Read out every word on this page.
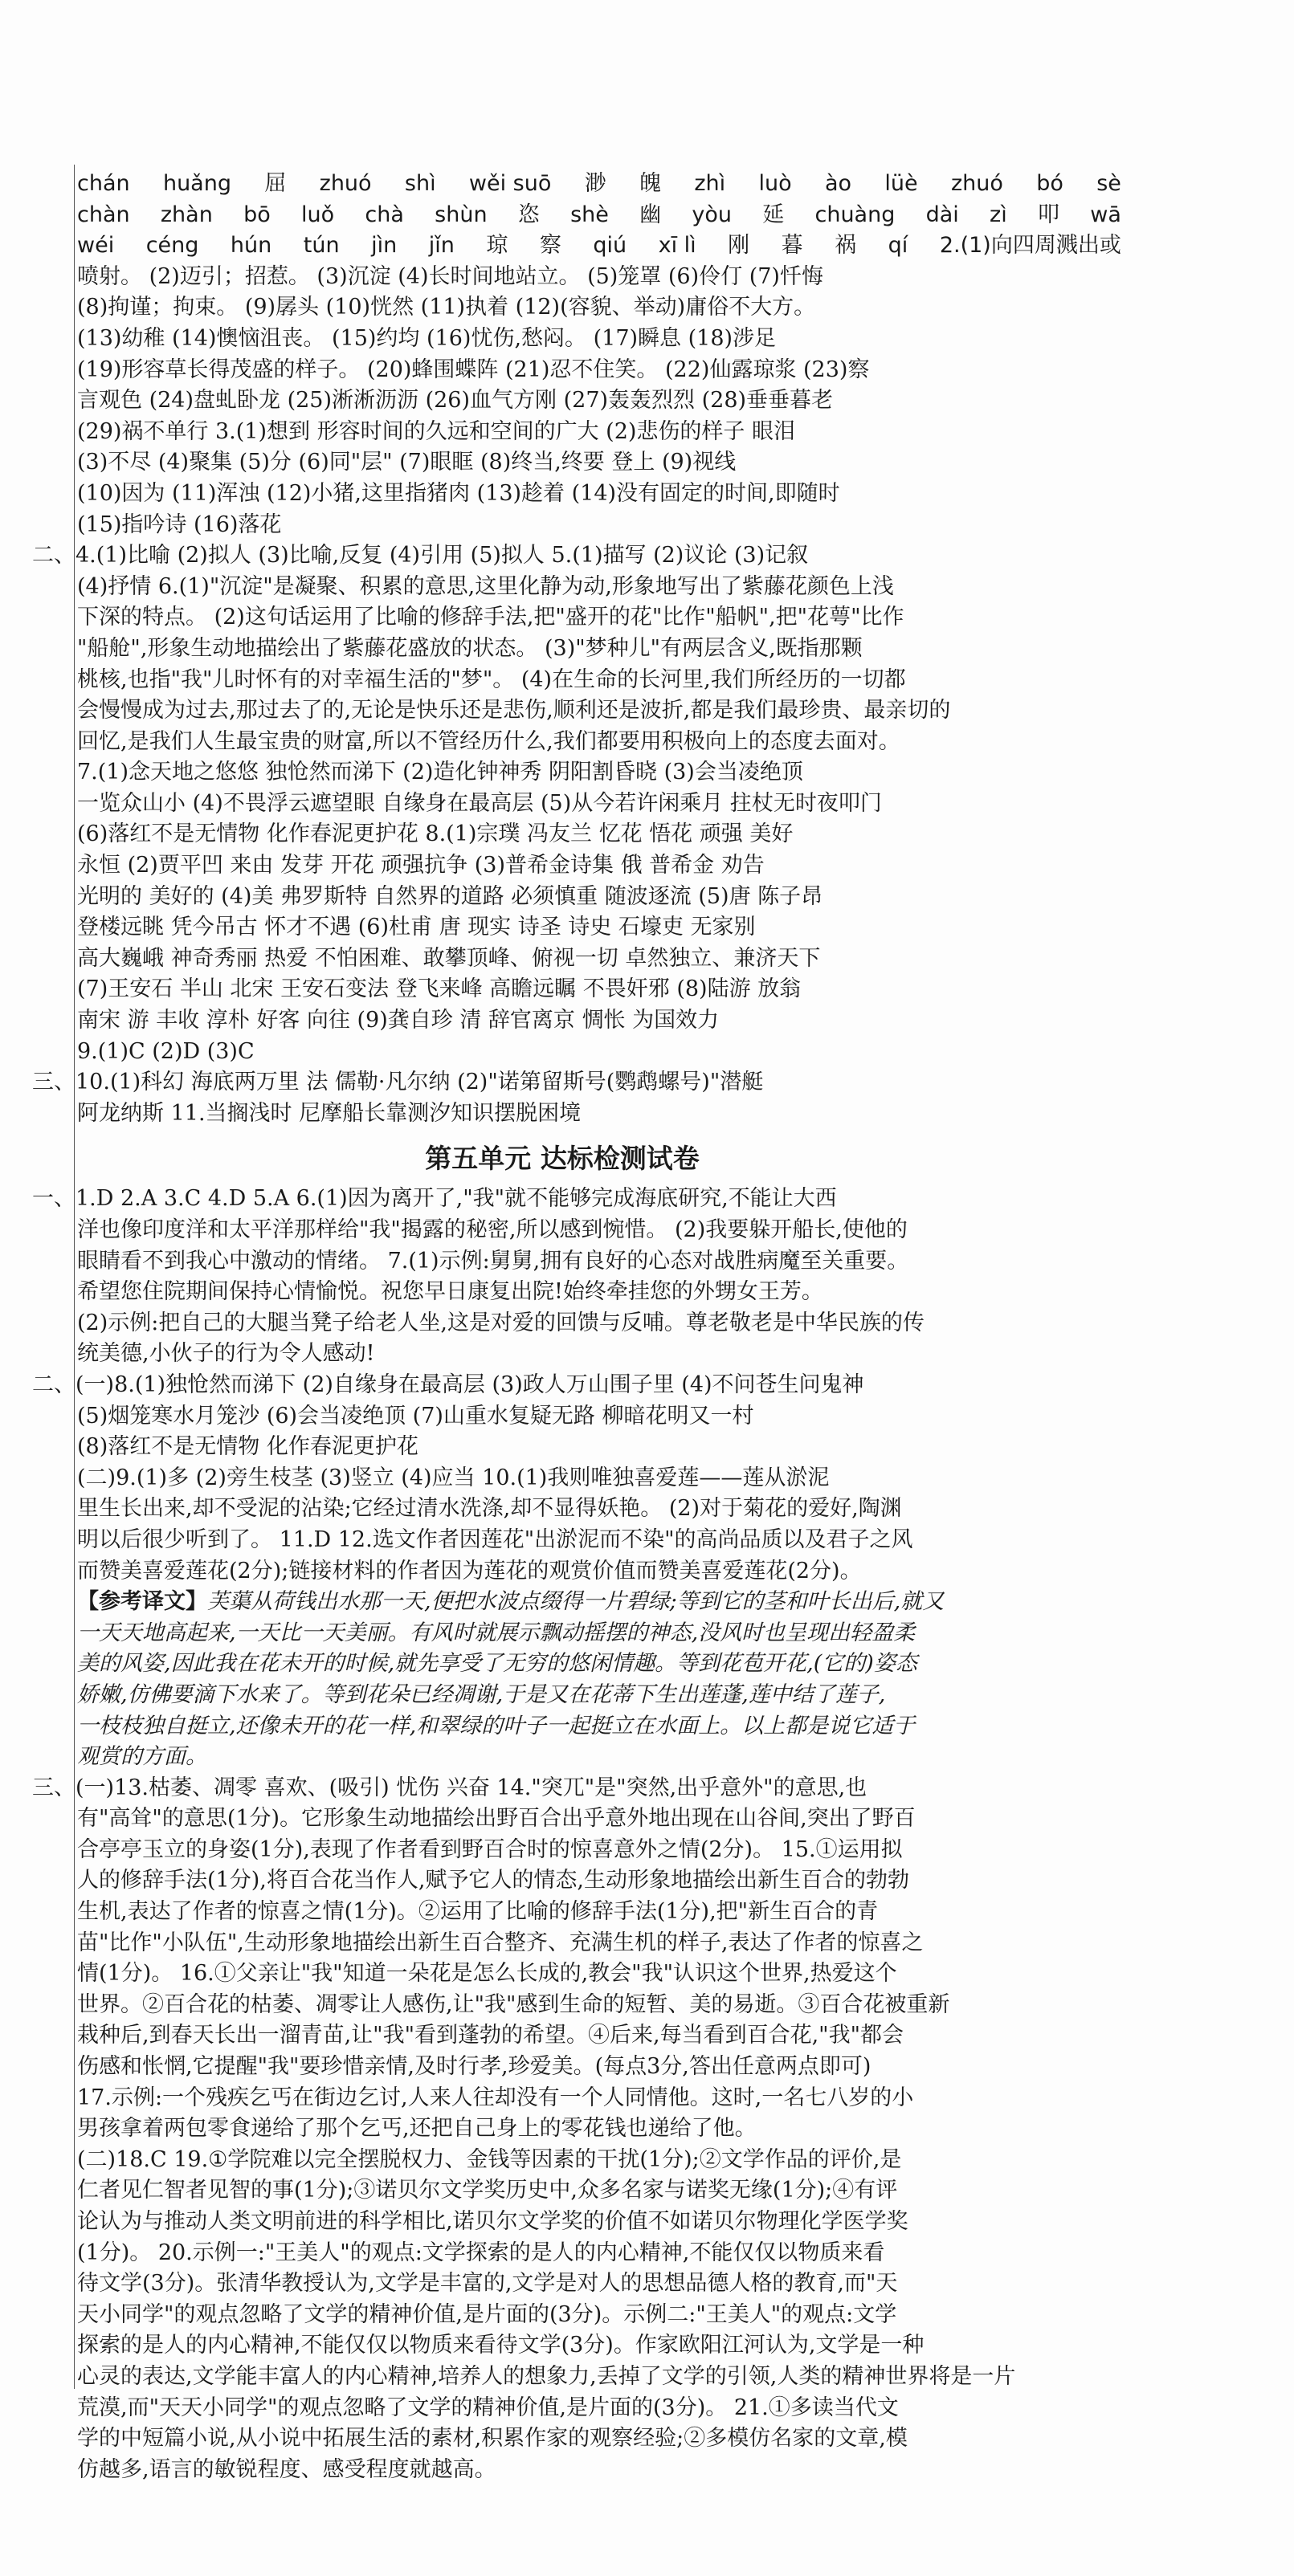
chán huǎng 屈 zhuó shì wěi suō 渺 魄 zhì luò ào lüè zhuó bó sè
chàn zhàn bō luǒ chà shùn 恣 shè 幽 yòu 延 chuàng dài zì 叩 wā
wéi céng hún tún jìn jǐn 琼 察 qiú xī lì 刚 暮 祸 qí 2.(1)向四周溅出或
喷射。 (2)迈引；招惹。 (3)沉淀 (4)长时间地站立。 (5)笼罩 (6)伶仃 (7)忏悔
(8)拘谨；拘束。 (9)孱头 (10)恍然 (11)执着 (12)(容貌、举动)庸俗不大方。
(13)幼稚 (14)懊恼沮丧。 (15)约均 (16)忧伤,愁闷。 (17)瞬息 (18)涉足
(19)形容草长得茂盛的样子。 (20)蜂围蝶阵 (21)忍不住笑。 (22)仙露琼浆 (23)察
言观色 (24)盘虬卧龙 (25)淅淅沥沥 (26)血气方刚 (27)轰轰烈烈 (28)垂垂暮老
(29)祸不单行 3.(1)想到 形容时间的久远和空间的广大 (2)悲伤的样子 眼泪
(3)不尽 (4)聚集 (5)分 (6)同"层" (7)眼眶 (8)终当,终要 登上 (9)视线
(10)因为 (11)浑浊 (12)小猪,这里指猪肉 (13)趁着 (14)没有固定的时间,即随时
(15)指吟诗 (16)落花
二、4.(1)比喻 (2)拟人 (3)比喻,反复 (4)引用 (5)拟人 5.(1)描写 (2)议论 (3)记叙
(4)抒情 6.(1)"沉淀"是凝聚、积累的意思,这里化静为动,形象地写出了紫藤花颜色上浅
下深的特点。 (2)这句话运用了比喻的修辞手法,把"盛开的花"比作"船帆",把"花萼"比作
"船舱",形象生动地描绘出了紫藤花盛放的状态。 (3)"梦种儿"有两层含义,既指那颗
桃核,也指"我"儿时怀有的对幸福生活的"梦"。 (4)在生命的长河里,我们所经历的一切都
会慢慢成为过去,那过去了的,无论是快乐还是悲伤,顺利还是波折,都是我们最珍贵、最亲切的
回忆,是我们人生最宝贵的财富,所以不管经历什么,我们都要用积极向上的态度去面对。
7.(1)念天地之悠悠 独怆然而涕下 (2)造化钟神秀 阴阳割昏晓 (3)会当凌绝顶
一览众山小 (4)不畏浮云遮望眼 自缘身在最高层 (5)从今若许闲乘月 拄杖无时夜叩门
(6)落红不是无情物 化作春泥更护花 8.(1)宗璞 冯友兰 忆花 悟花 顽强 美好
永恒 (2)贾平凹 来由 发芽 开花 顽强抗争 (3)普希金诗集 俄 普希金 劝告
光明的 美好的 (4)美 弗罗斯特 自然界的道路 必须慎重 随波逐流 (5)唐 陈子昂
登楼远眺 凭今吊古 怀才不遇 (6)杜甫 唐 现实 诗圣 诗史 石壕吏 无家别
高大巍峨 神奇秀丽 热爱 不怕困难、敢攀顶峰、俯视一切 卓然独立、兼济天下
(7)王安石 半山 北宋 王安石变法 登飞来峰 高瞻远瞩 不畏奸邪 (8)陆游 放翁
南宋 游 丰收 淳朴 好客 向往 (9)龚自珍 清 辞官离京 惆怅 为国效力
9.(1)C (2)D (3)C
三、10.(1)科幻 海底两万里 法 儒勒·凡尔纳 (2)"诺第留斯号(鹦鹉螺号)"潜艇
阿龙纳斯 11.当搁浅时 尼摩船长靠测汐知识摆脱困境
第五单元 达标检测试卷
一、1.D 2.A 3.C 4.D 5.A 6.(1)因为离开了,"我"就不能够完成海底研究,不能让大西
洋也像印度洋和太平洋那样给"我"揭露的秘密,所以感到惋惜。 (2)我要躲开船长,使他的
眼睛看不到我心中激动的情绪。 7.(1)示例:舅舅,拥有良好的心态对战胜病魔至关重要。
希望您住院期间保持心情愉悦。祝您早日康复出院!始终牵挂您的外甥女王芳。
(2)示例:把自己的大腿当凳子给老人坐,这是对爱的回馈与反哺。尊老敬老是中华民族的传
统美德,小伙子的行为令人感动!
二、(一)8.(1)独怆然而涕下 (2)自缘身在最高层 (3)政人万山围子里 (4)不问苍生问鬼神
(5)烟笼寒水月笼沙 (6)会当凌绝顶 (7)山重水复疑无路 柳暗花明又一村
(8)落红不是无情物 化作春泥更护花
(二)9.(1)多 (2)旁生枝茎 (3)竖立 (4)应当 10.(1)我则唯独喜爱莲——莲从淤泥
里生长出来,却不受泥的沾染;它经过清水洗涤,却不显得妖艳。 (2)对于菊花的爱好,陶渊
明以后很少听到了。 11.D 12.选文作者因莲花"出淤泥而不染"的高尚品质以及君子之风
而赞美喜爱莲花(2分);链接材料的作者因为莲花的观赏价值而赞美喜爱莲花(2分)。
【参考译文】芙蕖从荷钱出水那一天,便把水波点缀得一片碧绿;等到它的茎和叶长出后,就又
一天天地高起来,一天比一天美丽。有风时就展示飘动摇摆的神态,没风时也呈现出轻盈柔
美的风姿,因此我在花未开的时候,就先享受了无穷的悠闲情趣。等到花苞开花,(它的)姿态
娇嫩,仿佛要滴下水来了。等到花朵已经凋谢,于是又在花蒂下生出莲蓬,莲中结了莲子,
一枝枝独自挺立,还像未开的花一样,和翠绿的叶子一起挺立在水面上。以上都是说它适于
观赏的方面。
三、(一)13.枯萎、凋零 喜欢、(吸引) 忧伤 兴奋 14."突兀"是"突然,出乎意外"的意思,也
有"高耸"的意思(1分)。它形象生动地描绘出野百合出乎意外地出现在山谷间,突出了野百
合亭亭玉立的身姿(1分),表现了作者看到野百合时的惊喜意外之情(2分)。 15.①运用拟
人的修辞手法(1分),将百合花当作人,赋予它人的情态,生动形象地描绘出新生百合的勃勃
生机,表达了作者的惊喜之情(1分)。②运用了比喻的修辞手法(1分),把"新生百合的青
苗"比作"小队伍",生动形象地描绘出新生百合整齐、充满生机的样子,表达了作者的惊喜之
情(1分)。 16.①父亲让"我"知道一朵花是怎么长成的,教会"我"认识这个世界,热爱这个
世界。②百合花的枯萎、凋零让人感伤,让"我"感到生命的短暂、美的易逝。③百合花被重新
栽种后,到春天长出一溜青苗,让"我"看到蓬勃的希望。④后来,每当看到百合花,"我"都会
伤感和怅惘,它提醒"我"要珍惜亲情,及时行孝,珍爱美。(每点3分,答出任意两点即可)
17.示例:一个残疾乞丐在街边乞讨,人来人往却没有一个人同情他。这时,一名七八岁的小
男孩拿着两包零食递给了那个乞丐,还把自己身上的零花钱也递给了他。
(二)18.C 19.①学院难以完全摆脱权力、金钱等因素的干扰(1分);②文学作品的评价,是
仁者见仁智者见智的事(1分);③诺贝尔文学奖历史中,众多名家与诺奖无缘(1分);④有评
论认为与推动人类文明前进的科学相比,诺贝尔文学奖的价值不如诺贝尔物理化学医学奖
(1分)。 20.示例一:"王美人"的观点:文学探索的是人的内心精神,不能仅仅以物质来看
待文学(3分)。张清华教授认为,文学是丰富的,文学是对人的思想品德人格的教育,而"天
天小同学"的观点忽略了文学的精神价值,是片面的(3分)。示例二:"王美人"的观点:文学
探索的是人的内心精神,不能仅仅以物质来看待文学(3分)。作家欧阳江河认为,文学是一种
心灵的表达,文学能丰富人的内心精神,培养人的想象力,丢掉了文学的引领,人类的精神世界将是一片
荒漠,而"天天小同学"的观点忽略了文学的精神价值,是片面的(3分)。 21.①多读当代文
学的中短篇小说,从小说中拓展生活的素材,积累作家的观察经验;②多模仿名家的文章,模
仿越多,语言的敏锐程度、感受程度就越高。
